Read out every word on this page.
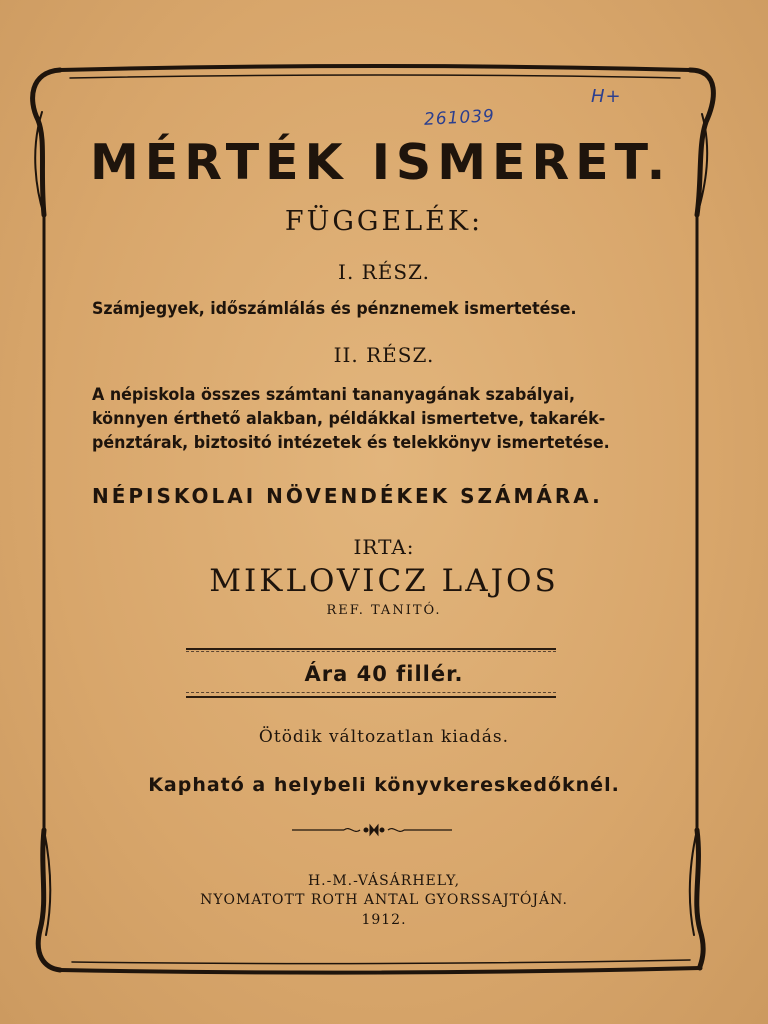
261039
H+
MÉRTÉK ISMERET.
FÜGGELÉK:
I. RÉSZ.
Számjegyek, időszámlálás és pénznemek ismertetése.
II. RÉSZ.
A népiskola összes számtani tananyagának szabályai,
könnyen érthető alakban, példákkal ismertetve, takarék-
pénztárak, biztositó intézetek és telekkönyv ismertetése.
NÉPISKOLAI NÖVENDÉKEK SZÁMÁRA.
IRTA:
MIKLOVICZ LAJOS
REF. TANITÓ.
Ára 40 fillér.
Ötödik változatlan kiadás.
Kapható a helybeli könyvkereskedőknél.
H.-M.-VÁSÁRHELY,
NYOMATOTT ROTH ANTAL GYORSSAJTÓJÁN.
1912.
